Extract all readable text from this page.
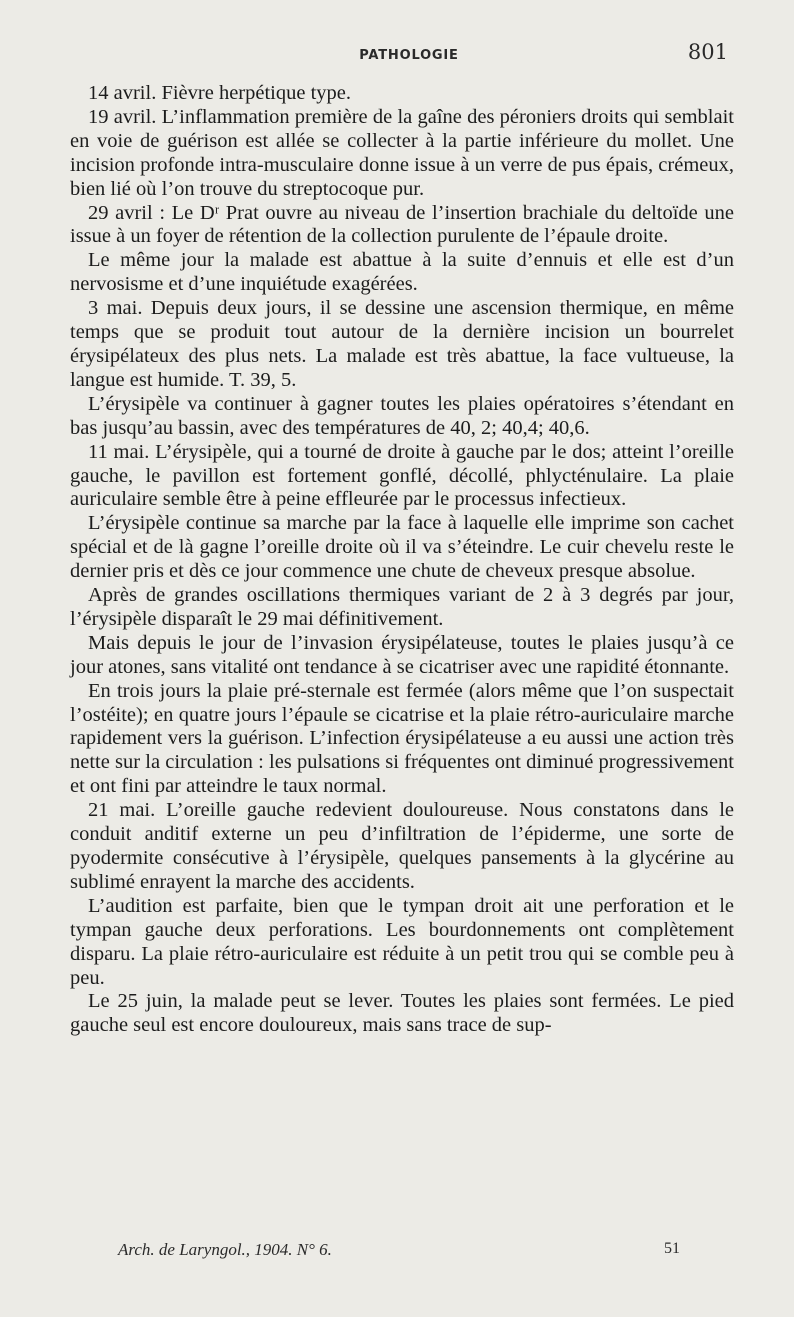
PATHOLOGIE	801

14 avril. Fièvre herpétique type.

19 avril. L’inflammation première de la gaîne des péroniers droits qui semblait en voie de guérison est allée se collecter à la partie inférieure du mollet. Une incision profonde intra-musculaire donne issue à un verre de pus épais, crémeux, bien lié où l’on trouve du streptocoque pur.

29 avril : Le Dʳ Prat ouvre au niveau de l’insertion brachiale du deltoïde une issue à un foyer de rétention de la collection purulente de l’épaule droite.

Le même jour la malade est abattue à la suite d’ennuis et elle est d’un nervosisme et d’une inquiétude exagérées.

3 mai. Depuis deux jours, il se dessine une ascension thermique, en même temps que se produit tout autour de la dernière incision un bourrelet érysipélateux des plus nets. La malade est très abattue, la face vultueuse, la langue est humide. T. 39, 5.

L’érysipèle va continuer à gagner toutes les plaies opératoires s’étendant en bas jusqu’au bassin, avec des températures de 40, 2; 40,4; 40,6.

11 mai. L’érysipèle, qui a tourné de droite à gauche par le dos; atteint l’oreille gauche, le pavillon est fortement gonflé, décollé, phlycténulaire. La plaie auriculaire semble être à peine effleurée par le processus infectieux.

L’érysipèle continue sa marche par la face à laquelle elle imprime son cachet spécial et de là gagne l’oreille droite où il va s’éteindre. Le cuir chevelu reste le dernier pris et dès ce jour commence une chute de cheveux presque absolue.

Après de grandes oscillations thermiques variant de 2 à 3 degrés par jour, l’érysipèle disparaît le 29 mai définitivement.

Mais depuis le jour de l’invasion érysipélateuse, toutes le plaies jusqu’à ce jour atones, sans vitalité ont tendance à se cicatriser avec une rapidité étonnante.

En trois jours la plaie pré-sternale est fermée (alors même que l’on suspectait l’ostéite); en quatre jours l’épaule se cicatrise et la plaie rétro-auriculaire marche rapidement vers la guérison. L’infection érysipélateuse a eu aussi une action très nette sur la circulation : les pulsations si fréquentes ont diminué progressivement et ont fini par atteindre le taux normal.

21 mai. L’oreille gauche redevient douloureuse. Nous constatons dans le conduit anditif externe un peu d’infiltration de l’épiderme, une sorte de pyodermite consécutive à l’érysipèle, quelques pansements à la glycérine au sublimé enrayent la marche des accidents.

L’audition est parfaite, bien que le tympan droit ait une perforation et le tympan gauche deux perforations. Les bourdonnements ont complètement disparu. La plaie rétro-auriculaire est réduite à un petit trou qui se comble peu à peu.

Le 25 juin, la malade peut se lever. Toutes les plaies sont fermées. Le pied gauche seul est encore douloureux, mais sans trace de sup-

Arch. de Laryngol., 1904. N° 6.	51
